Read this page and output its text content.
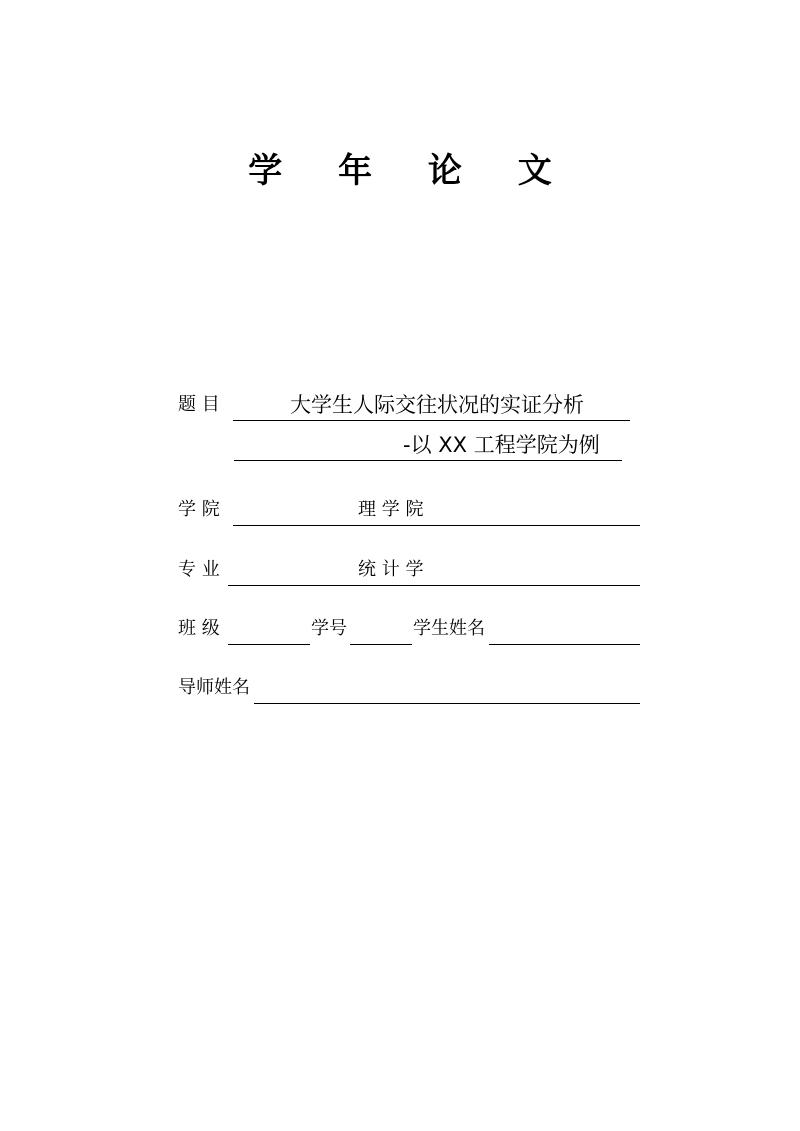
学 年 论 文
题 目	大学生人际交往状况的实证分析
-以 XX 工程学院为例
学 院	理 学 院
专 业	统 计 学
班 级	学号	学生姓名
导师姓名
